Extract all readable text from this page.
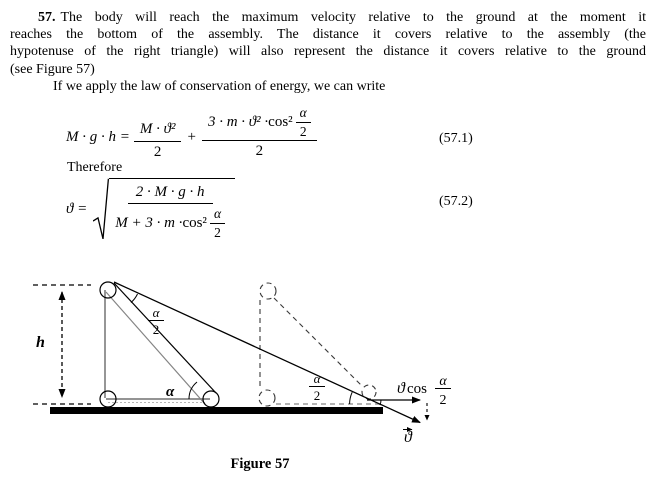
57. The body will reach the maximum velocity relative to the ground at the moment it
reaches the bottom of the assembly. The distance it covers relative to the assembly (the
hypotenuse of the right triangle) will also represent the distance it covers relative to the ground
(see Figure 57)
If we apply the law of conservation of energy, we can write
$M \cdot g \cdot h = \frac{\text{M · ϑ²}}{2} + 3 \cdot m \cdot ϑ^2 \cdot \cos^2$
α
2
2	(57.1)
Therefore
ϑ =
2 · M · g · h
M + 3 · m · cos²
α
2
(57.2)
h
α
2
α
α
2	ϑ cos α
2
ϑ
Figure 57
